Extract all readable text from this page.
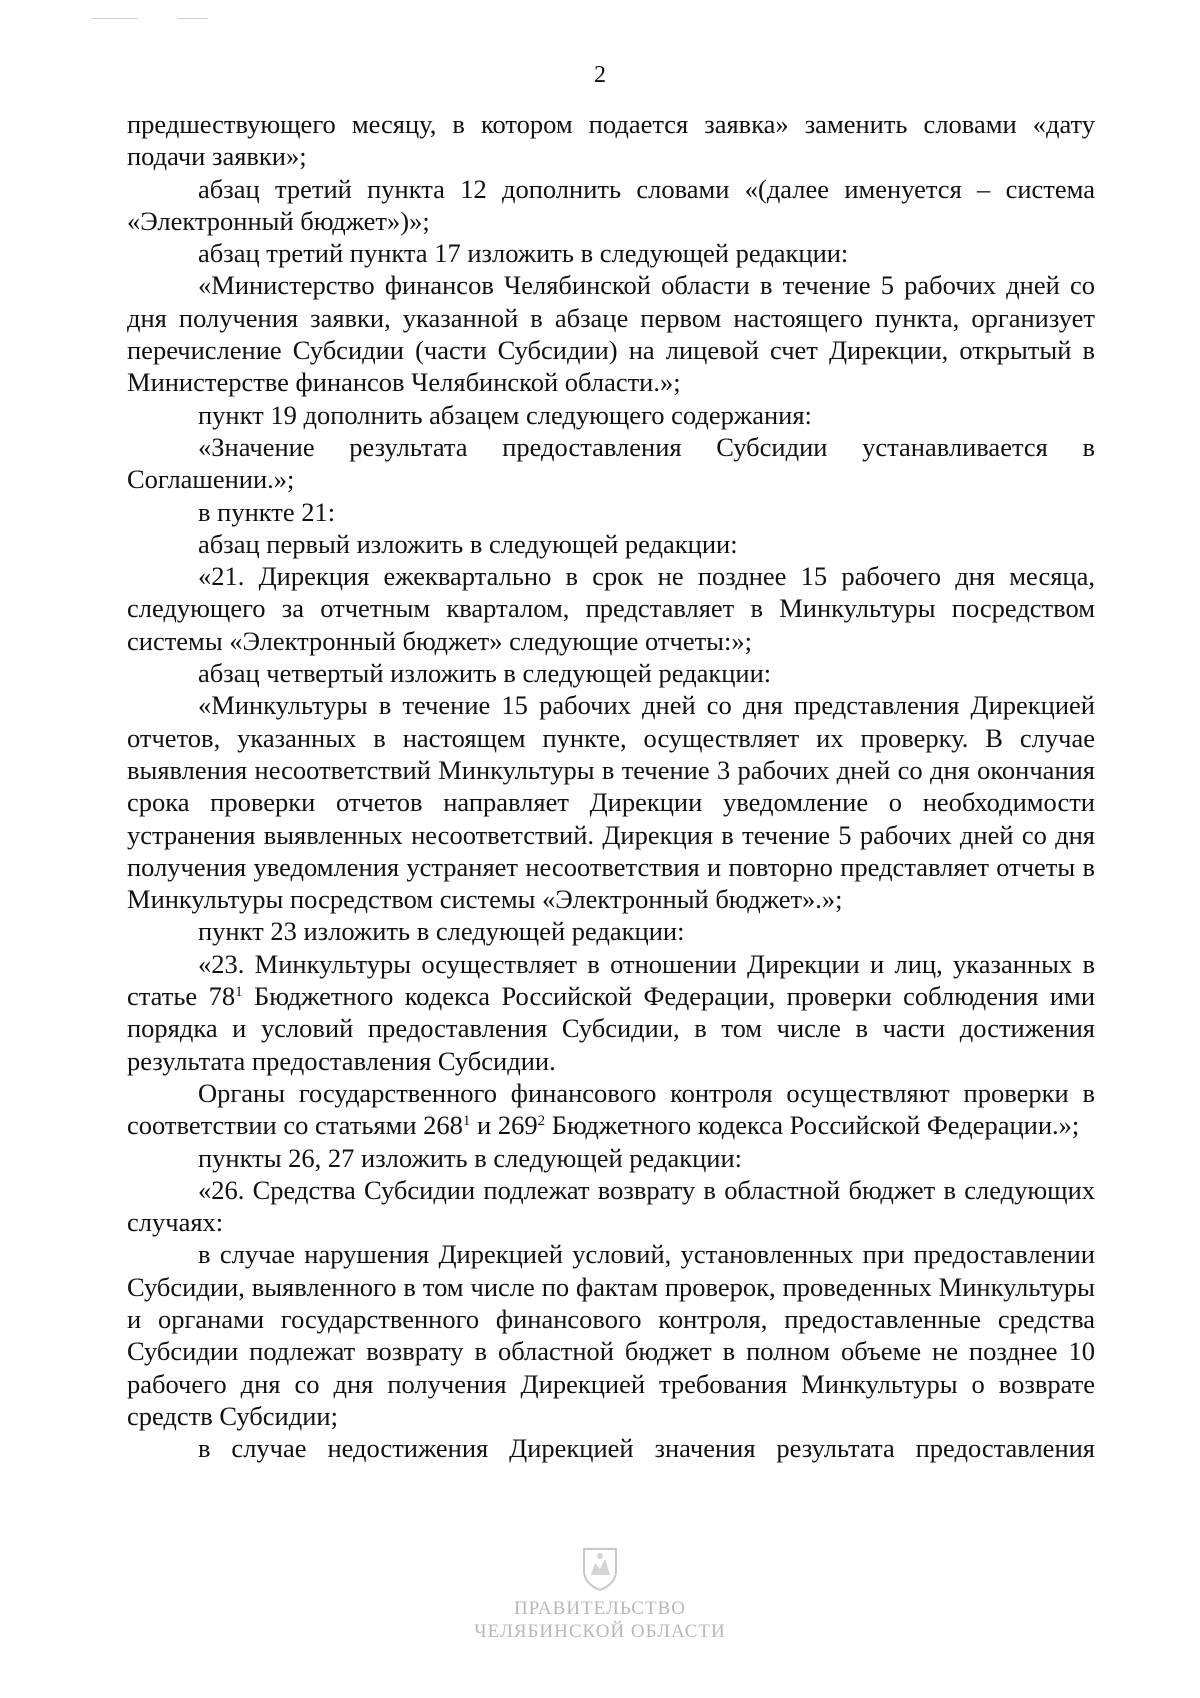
2

предшествующего месяцу, в котором подается заявка» заменить словами «дату подачи заявки»;

абзац третий пункта 12 дополнить словами «(далее именуется – система «Электронный бюджет»)»;

абзац третий пункта 17 изложить в следующей редакции:

«Министерство финансов Челябинской области в течение 5 рабочих дней со дня получения заявки, указанной в абзаце первом настоящего пункта, организует перечисление Субсидии (части Субсидии) на лицевой счет Дирекции, открытый в Министерстве финансов Челябинской области.»;

пункт 19 дополнить абзацем следующего содержания:

«Значение результата предоставления Субсидии устанавливается в Соглашении.»;

в пункте 21:

абзац первый изложить в следующей редакции:

«21. Дирекция ежеквартально в срок не позднее 15 рабочего дня месяца, следующего за отчетным кварталом, представляет в Минкультуры посредством системы «Электронный бюджет» следующие отчеты:»;

абзац четвертый изложить в следующей редакции:

«Минкультуры в течение 15 рабочих дней со дня представления Дирекцией отчетов, указанных в настоящем пункте, осуществляет их проверку. В случае выявления несоответствий Минкультуры в течение 3 рабочих дней со дня окончания срока проверки отчетов направляет Дирекции уведомление о необходимости устранения выявленных несоответствий. Дирекция в течение 5 рабочих дней со дня получения уведомления устраняет несоответствия и повторно представляет отчеты в Минкультуры посредством системы «Электронный бюджет».»;

пункт 23 изложить в следующей редакции:

«23. Минкультуры осуществляет в отношении Дирекции и лиц, указанных в статье $78^1$ Бюджетного кодекса Российской Федерации, проверки соблюдения ими порядка и условий предоставления Субсидии, в том числе в части достижения результата предоставления Субсидии.

Органы государственного финансового контроля осуществляют проверки в соответствии со статьями $268^1$ и $269^2$ Бюджетного кодекса Российской Федерации.»;

пункты 26, 27 изложить в следующей редакции:

«26. Средства Субсидии подлежат возврату в областной бюджет в следующих случаях:

в случае нарушения Дирекцией условий, установленных при предоставлении Субсидии, выявленного в том числе по фактам проверок, проведенных Минкультуры и органами государственного финансового контроля, предоставленные средства Субсидии подлежат возврату в областной бюджет в полном объеме не позднее 10 рабочего дня со дня получения Дирекцией требования Минкультуры о возврате средств Субсидии;

в случае недостижения Дирекцией значения результата предоставления

ПРАВИТЕЛЬСТВО
ЧЕЛЯБИНСКОЙ ОБЛАСТИ
